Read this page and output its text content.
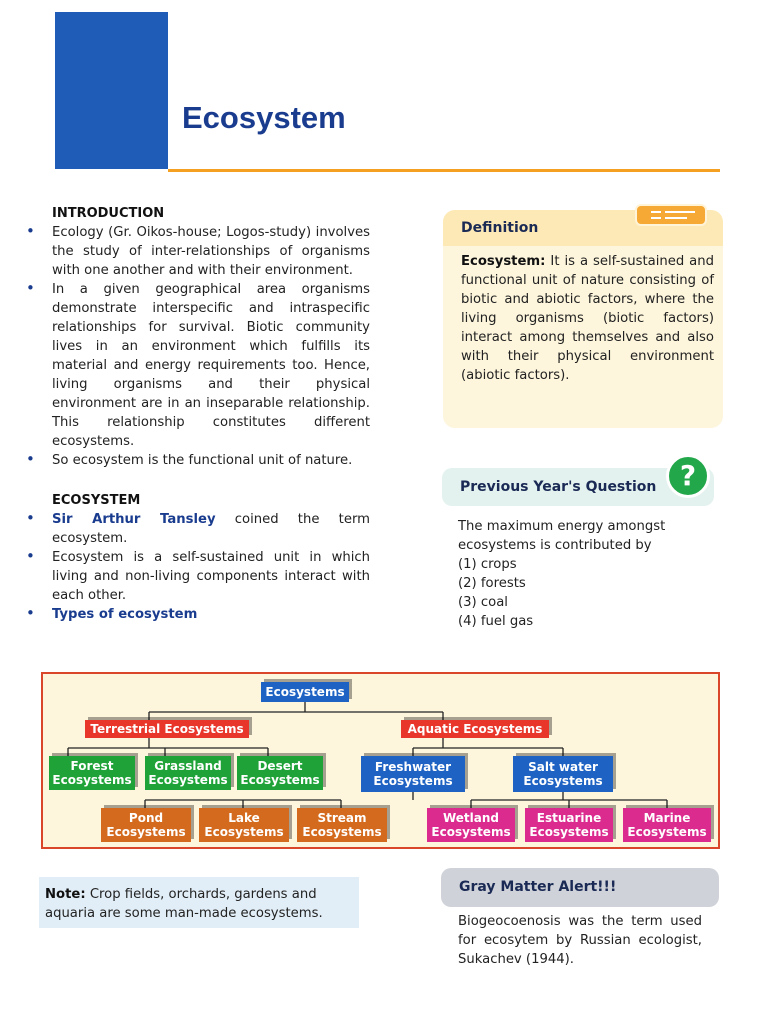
Ecosystem
INTRODUCTION
• Ecology (Gr. Oikos-house; Logos-study) involves the study of inter-relationships of organisms with one another and with their environment.
• In a given geographical area organisms demonstrate interspecific and intraspecific relationships for survival. Biotic community lives in an environment which fulfills its material and energy requirements too. Hence, living organisms and their physical environment are in an inseparable relationship. This relationship constitutes different ecosystems.
• So ecosystem is the functional unit of nature.
ECOSYSTEM
• Sir Arthur Tansley coined the term ecosystem.
• Ecosystem is a self-sustained unit in which living and non-living components interact with each other.
• Types of ecosystem
Definition
Ecosystem: It is a self-sustained and functional unit of nature consisting of biotic and abiotic factors, where the living organisms (biotic factors) interact among themselves and also with their physical environment (abiotic factors).
Previous Year's Question ?
The maximum energy amongst ecosystems is contributed by
(1) crops
(2) forests
(3) coal
(4) fuel gas
Ecosystems
Terrestrial Ecosystems	Aquatic Ecosystems
Forest
Ecosystems
Grassland
Ecosystems
Desert
Ecosystems
Freshwater
Ecosystems
Salt water
Ecosystems
Pond
Ecosystems
Lake
Ecosystems
Stream
Ecosystems
Wetland
Ecosystems
Estuarine
Ecosystems
Marine
Ecosystems
Note: Crop fields, orchards, gardens and aquaria are some man-made ecosystems.
Gray Matter Alert!!!
Biogeocoenosis was the term used for ecosytem by Russian ecologist, Sukachev (1944).
